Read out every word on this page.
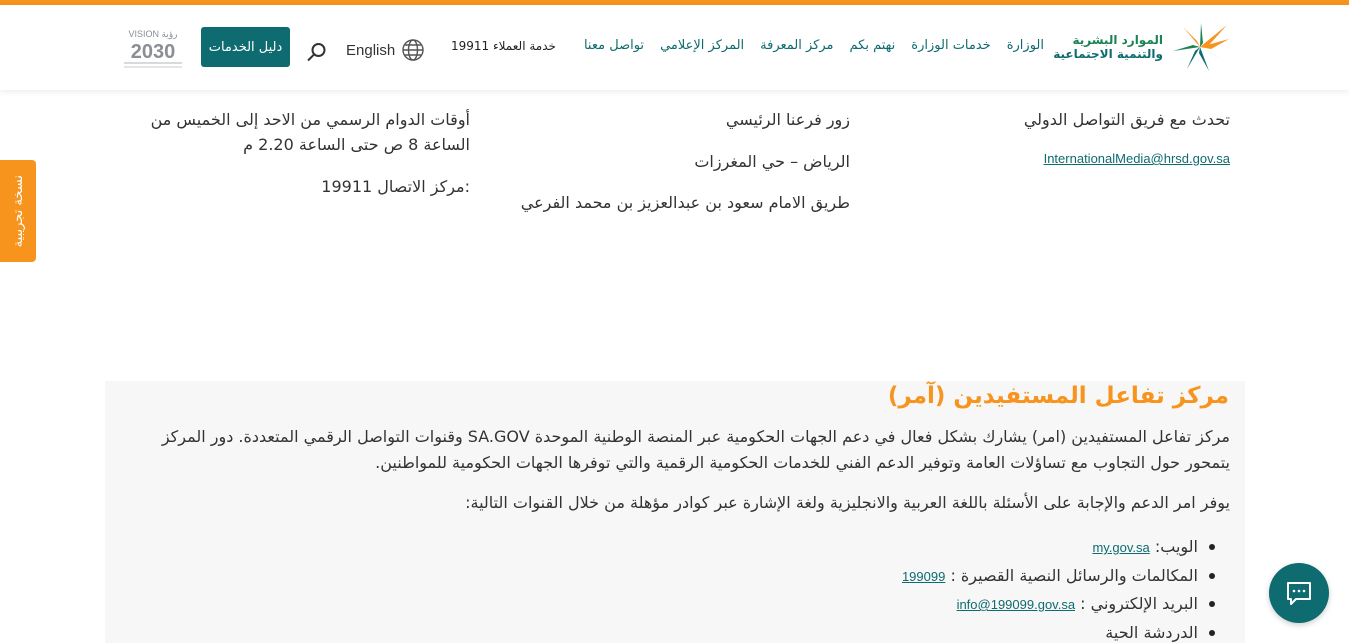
الموارد البشرية
والتنمية الاجتماعية
الوزارة
خدمات الوزارة
نهتم بكم
مركز المعرفة
المركز الإعلامي
تواصل معنا
خدمة العملاء 19911
English
دليل الخدمات
VISION رؤية
2030
نسخة تجريبية

تحدث مع فريق التواصل الدولي

InternationalMedia@hrsd.gov.sa

زور فرعنا الرئيسي

الرياض – حي المغرزات

طريق الامام سعود بن عبدالعزيز بن محمد الفرعي

أوقات الدوام الرسمي من الاحد إلى الخميس من الساعة 8 ص حتى الساعة 2.20 م

:مركز الاتصال 19911

مركز تفاعل المستفيدين (آمر)

مركز تفاعل المستفيدين (امر) يشارك بشكل فعال في دعم الجهات الحكومية عبر المنصة الوطنية الموحدة SA.GOV وقنوات التواصل الرقمي المتعددة. دور المركز يتمحور حول التجاوب مع تساؤلات العامة وتوفير الدعم الفني للخدمات الحكومية الرقمية والتي توفرها الجهات الحكومية للمواطنين.

يوفر امر الدعم والإجابة على الأسئلة باللغة العربية والانجليزية ولغة الإشارة عبر كوادر مؤهلة من خلال القنوات التالية:

الويب: my.gov.sa
المكالمات والرسائل النصية القصيرة : 199099
البريد الإلكتروني : info@199099.gov.sa
الدردشة الحية
